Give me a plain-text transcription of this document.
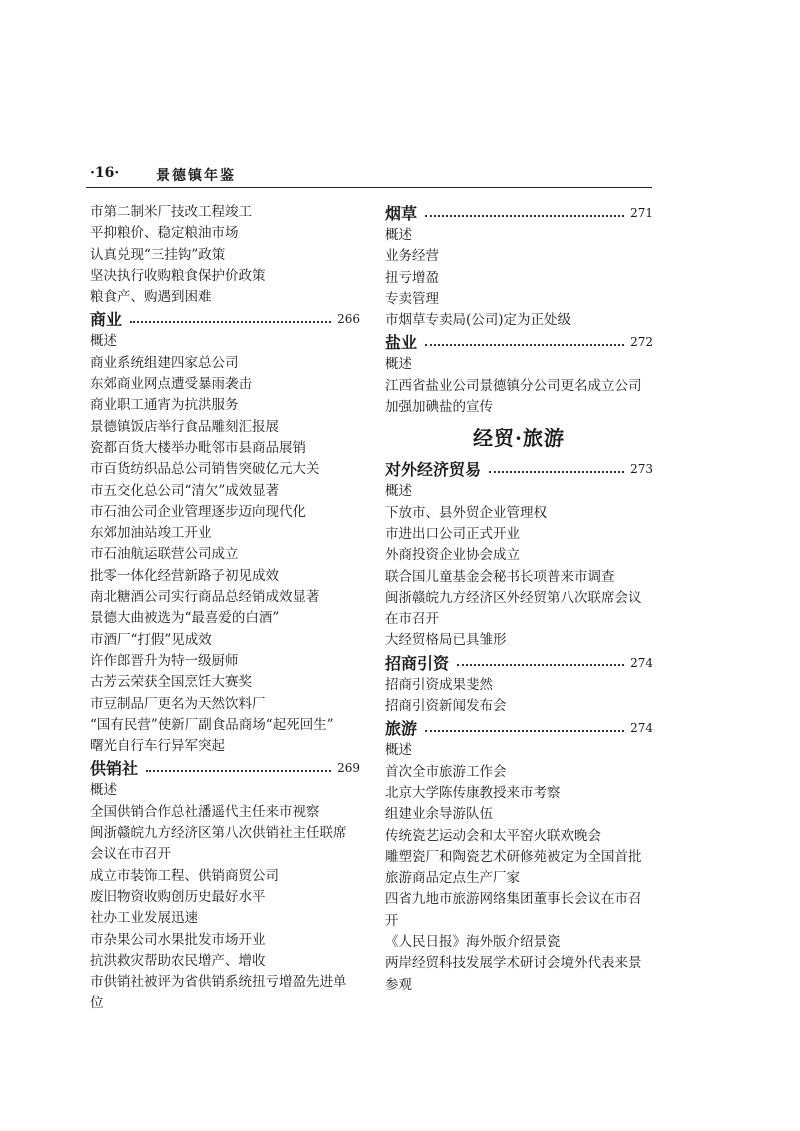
·16·	景德镇年鉴
市第二制米厂技改工程竣工
平抑粮价、稳定粮油市场
认真兑现“三挂钩”政策
坚决执行收购粮食保护价政策
粮食产、购遇到困难
商业	266
概述
商业系统组建四家总公司
东郊商业网点遭受暴雨袭击
商业职工通宵为抗洪服务
景德镇饭店举行食品雕刻汇报展
瓷都百货大楼举办毗邻市县商品展销
市百货纺织品总公司销售突破亿元大关
市五交化总公司“清欠”成效显著
市石油公司企业管理逐步迈向现代化
东郊加油站竣工开业
市石油航运联营公司成立
批零一体化经营新路子初见成效
南北糖酒公司实行商品总经销成效显著
景德大曲被选为“最喜爱的白酒”
市酒厂“打假”见成效
许作郎晋升为特一级厨师
古芳云荣获全国烹饪大赛奖
市豆制品厂更名为天然饮料厂
“国有民营”使新厂副食品商场“起死回生”
曙光自行车行异军突起
供销社	269
概述
全国供销合作总社潘遥代主任来市视察
闽浙赣皖九方经济区第八次供销社主任联席
会议在市召开
成立市装饰工程、供销商贸公司
废旧物资收购创历史最好水平
社办工业发展迅速
市杂果公司水果批发市场开业
抗洪救灾帮助农民增产、增收
市供销社被评为省供销系统扭亏增盈先进单
位
烟草	271
概述
业务经营
扭亏增盈
专卖管理
市烟草专卖局(公司)定为正处级
盐业	272
概述
江西省盐业公司景德镇分公司更名成立公司
加强加碘盐的宣传
经贸·旅游
对外经济贸易	273
概述
下放市、县外贸企业管理权
市进出口公司正式开业
外商投资企业协会成立
联合国儿童基金会秘书长项普来市调查
闽浙赣皖九方经济区外经贸第八次联席会议
在市召开
大经贸格局已具雏形
招商引资	274
招商引资成果斐然
招商引资新闻发布会
旅游	274
概述
首次全市旅游工作会
北京大学陈传康教授来市考察
组建业余导游队伍
传统瓷艺运动会和太平窑火联欢晚会
雕塑瓷厂和陶瓷艺术研修苑被定为全国首批
旅游商品定点生产厂家
四省九地市旅游网络集团董事长会议在市召
开
《人民日报》海外版介绍景瓷
两岸经贸科技发展学术研讨会境外代表来景
参观
